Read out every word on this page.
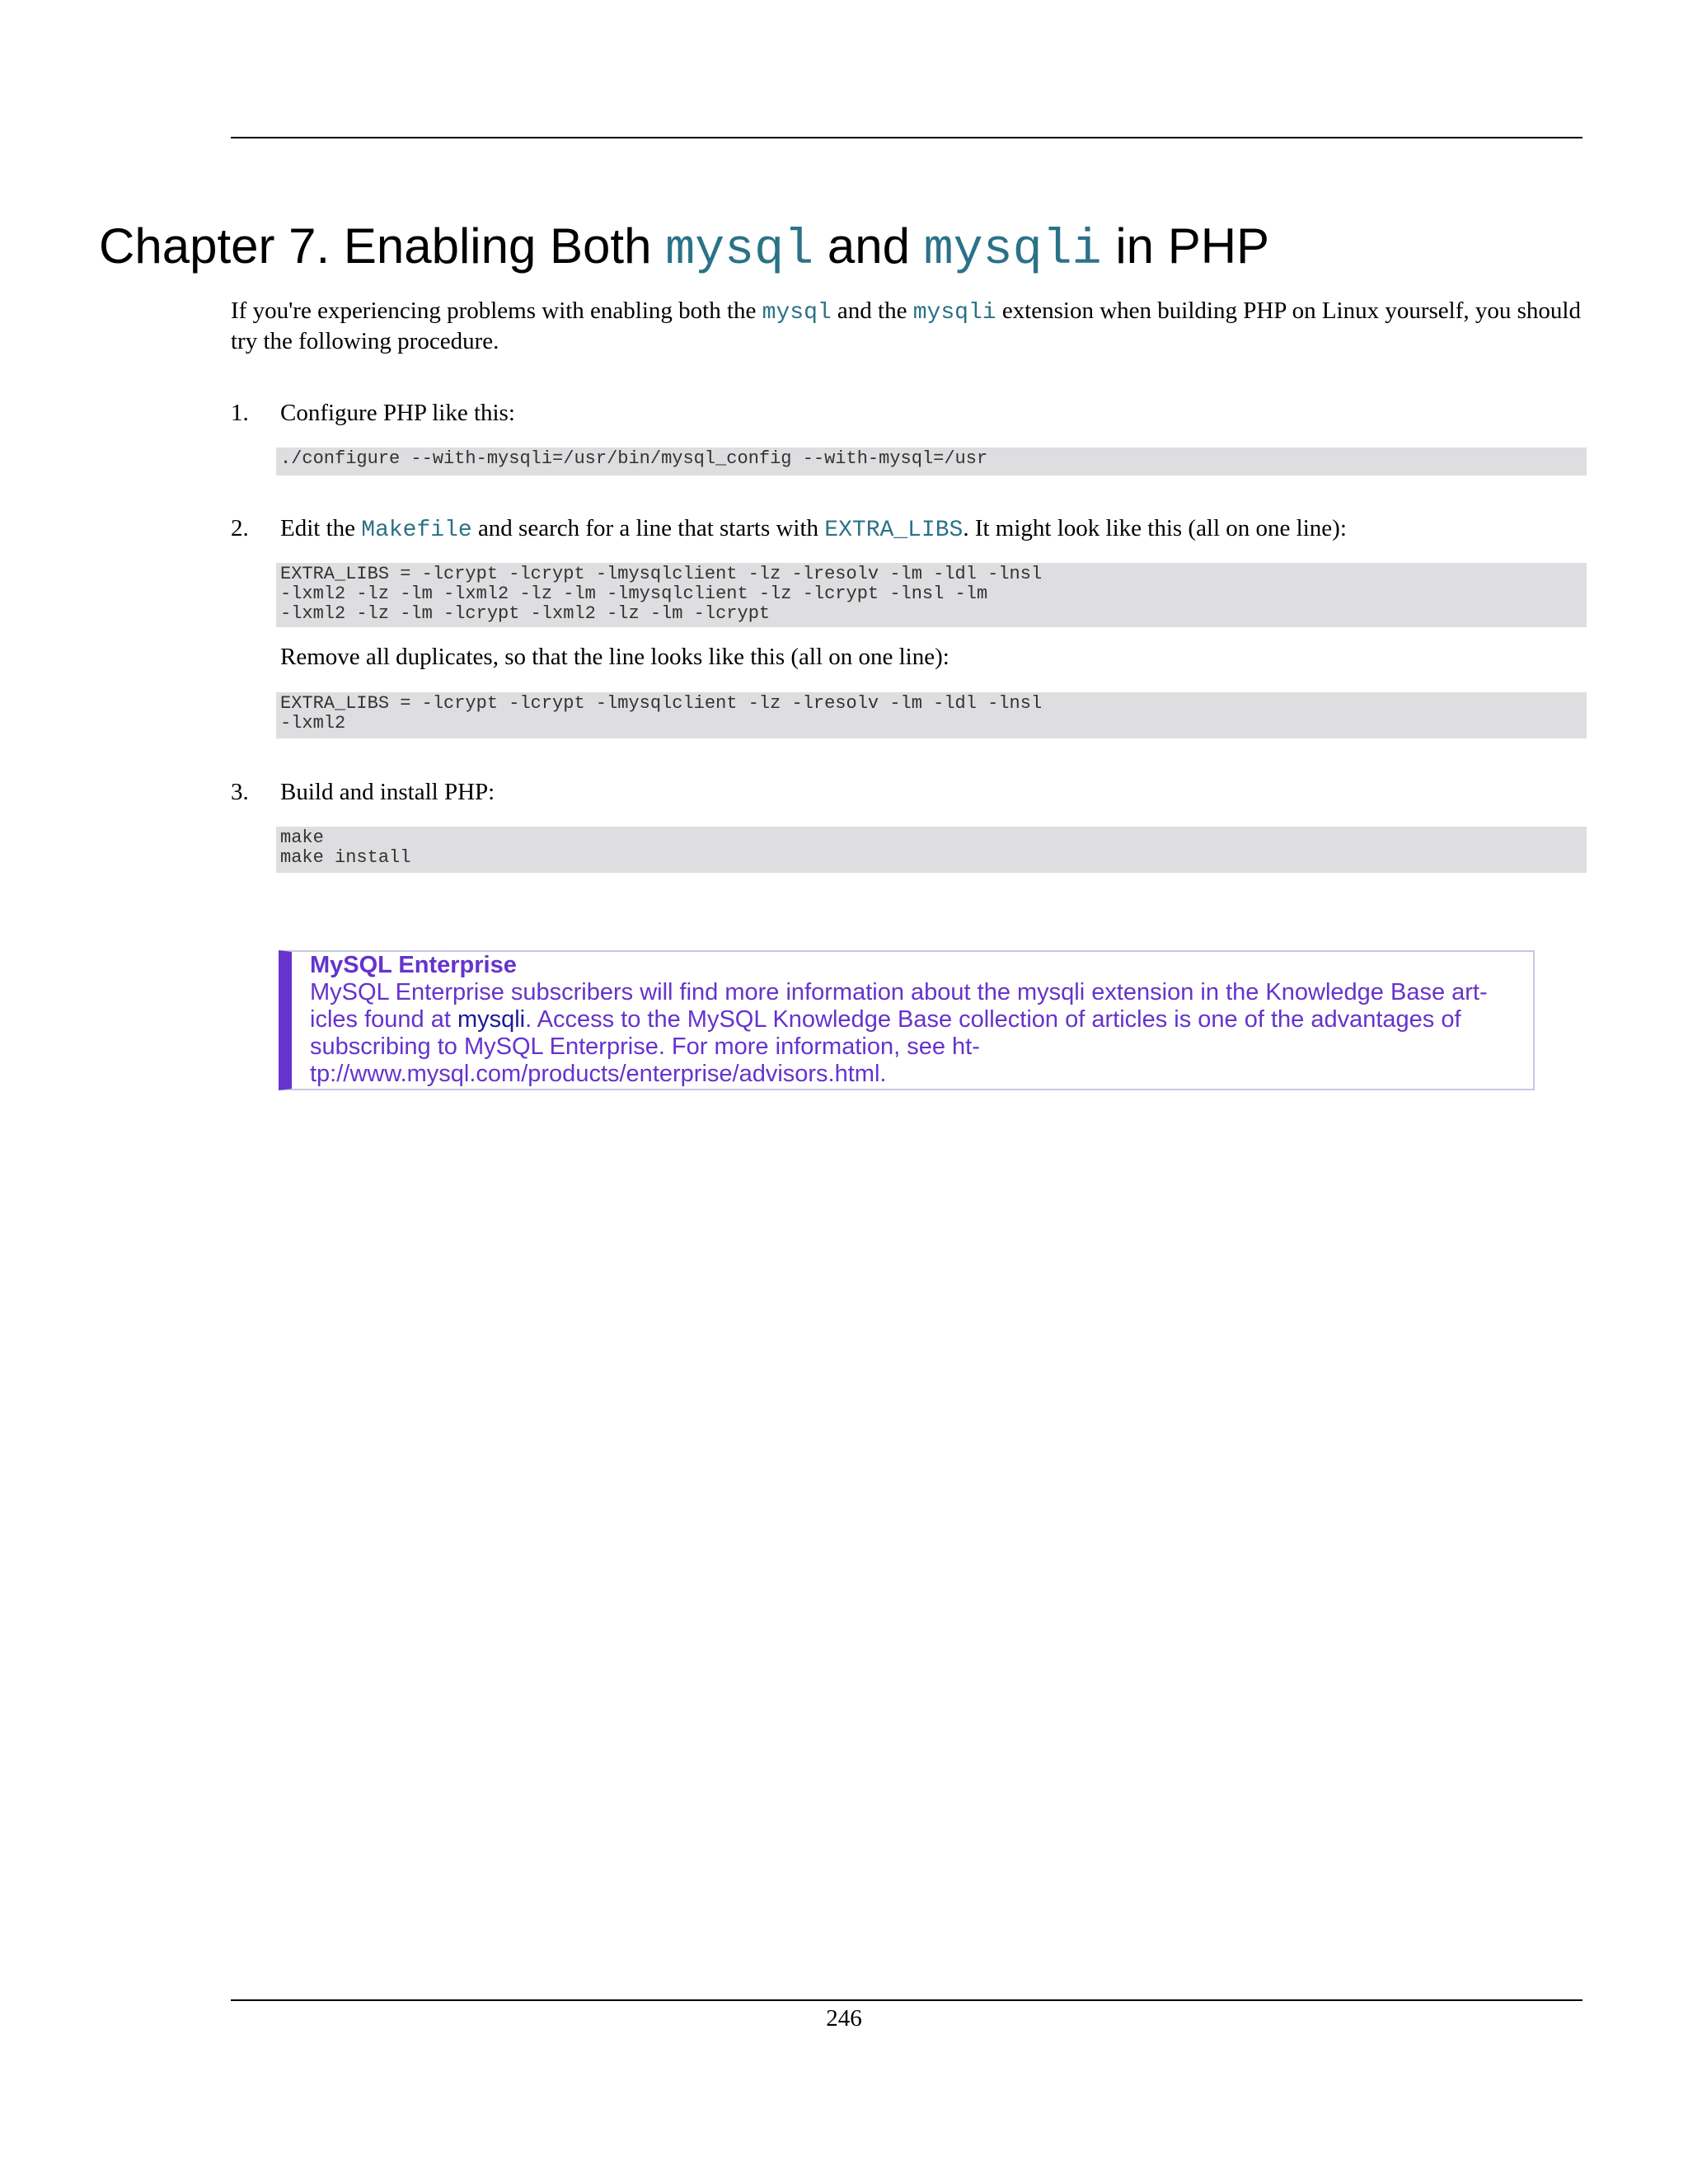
Chapter 7. Enabling Both mysql and mysqli in PHP

If you're experiencing problems with enabling both the mysql and the mysqli extension when building PHP on Linux yourself, you should try the following procedure.

1. Configure PHP like this:

./configure --with-mysqli=/usr/bin/mysql_config --with-mysql=/usr
2. Edit the Makefile and search for a line that starts with EXTRA_LIBS. It might look like this (all on one line):

EXTRA_LIBS = -lcrypt -lcrypt -lmysqlclient -lz -lresolv -lm -ldl -lnsl
-lxml2 -lz -lm -lxml2 -lz -lm -lmysqlclient -lz -lcrypt -lnsl -lm
-lxml2 -lz -lm -lcrypt -lxml2 -lz -lm -lcrypt

Remove all duplicates, so that the line looks like this (all on one line):

EXTRA_LIBS = -lcrypt -lcrypt -lmysqlclient -lz -lresolv -lm -ldl -lnsl
-lxml2
3. Build and install PHP:

make
make install

MySQL Enterprise

MySQL Enterprise subscribers will find more information about the mysqli extension in the Knowledge Base art-
icles found at mysqli. Access to the MySQL Knowledge Base collection of articles is one of the advantages of
subscribing to MySQL Enterprise. For more information, see ht-
tp://www.mysql.com/products/enterprise/advisors.html.

246
